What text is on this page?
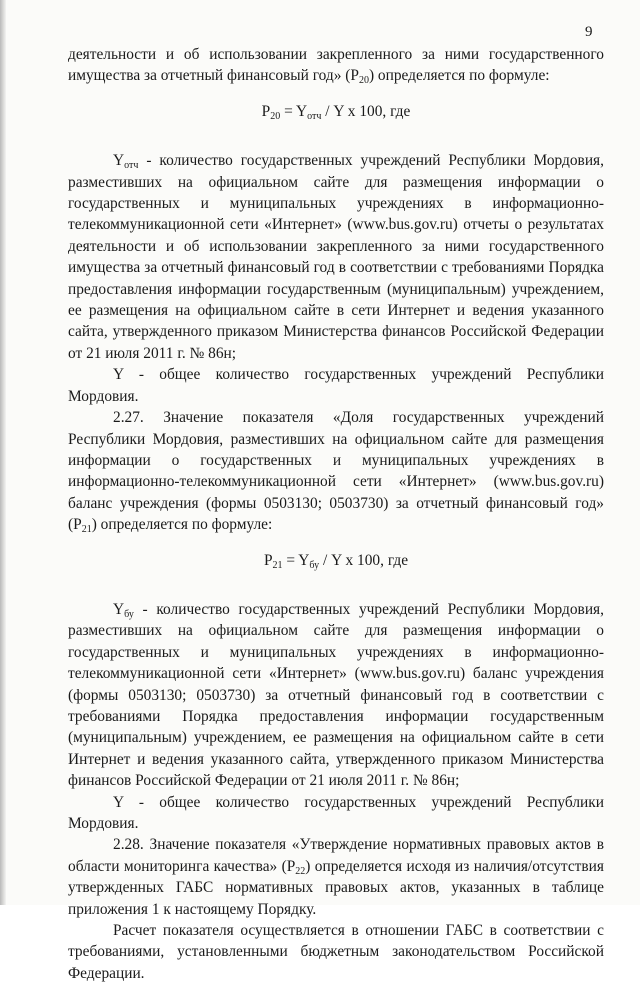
9

деятельности и об использовании закрепленного за ними государственного имущества за отчетный финансовый год» $(P_{20})$ определяется по формуле:

$P_{20} = Y_{отч} / Y$ x 100, где

$Y_{отч}$ - количество государственных учреждений Республики Мордовия, разместивших на официальном сайте для размещения информации о государственных и муниципальных учреждениях в информационно-телекоммуникационной сети «Интернет» (www.bus.gov.ru) отчеты о результатах деятельности и об использовании закрепленного за ними государственного имущества за отчетный финансовый год в соответствии с требованиями Порядка предоставления информации государственным (муниципальным) учреждением, ее размещения на официальном сайте в сети Интернет и ведения указанного сайта, утвержденного приказом Министерства финансов Российской Федерации от 21 июля 2011 г. № 86н;

Y - общее количество государственных учреждений Республики Мордовия.

2.27. Значение показателя «Доля государственных учреждений Республики Мордовия, разместивших на официальном сайте для размещения информации о государственных и муниципальных учреждениях в информационно-телекоммуникационной сети «Интернет» (www.bus.gov.ru) баланс учреждения (формы 0503130; 0503730) за отчетный финансовый год» $(P_{21})$ определяется по формуле:

$P_{21} = Y_{бу} / Y$ x 100, где

$Y_{бу}$ - количество государственных учреждений Республики Мордовия, разместивших на официальном сайте для размещения информации о государственных и муниципальных учреждениях в информационно-телекоммуникационной сети «Интернет» (www.bus.gov.ru) баланс учреждения (формы 0503130; 0503730) за отчетный финансовый год в соответствии с требованиями Порядка предоставления информации государственным (муниципальным) учреждением, ее размещения на официальном сайте в сети Интернет и ведения указанного сайта, утвержденного приказом Министерства финансов Российской Федерации от 21 июля 2011 г. № 86н;

Y - общее количество государственных учреждений Республики Мордовия.

2.28. Значение показателя «Утверждение нормативных правовых актов в области мониторинга качества» $(P_{22})$ определяется исходя из наличия/отсутствия утвержденных ГАБС нормативных правовых актов, указанных в таблице приложения 1 к настоящему Порядку.

Расчет показателя осуществляется в отношении ГАБС в соответствии с требованиями, установленными бюджетным законодательством Российской Федерации.
